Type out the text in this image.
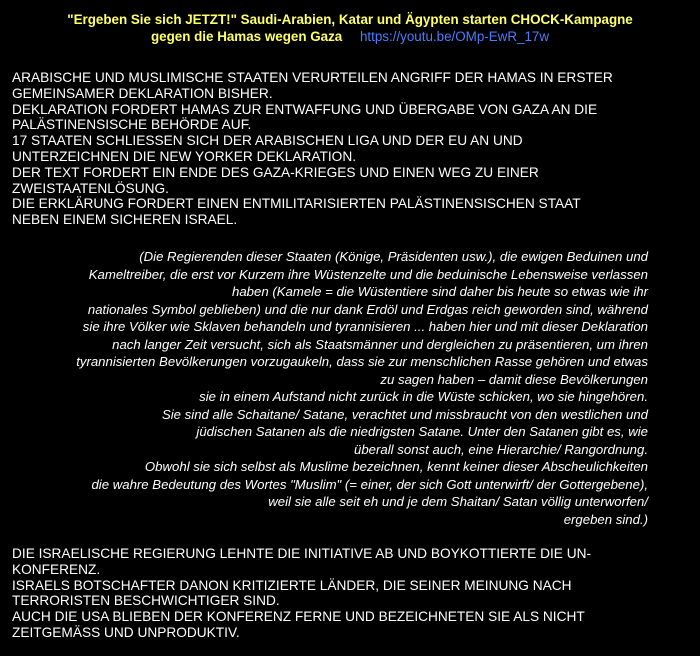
"Ergeben Sie sich JETZT!" Saudi-Arabien, Katar und Ägypten starten CHOCK-Kampagne
gegen die Hamas wegen Gaza https://youtu.be/OMp-EwR_17w
ARABISCHE UND MUSLIMISCHE STAATEN VERURTEILEN ANGRIFF DER HAMAS IN ERSTER
GEMEINSAMER DEKLARATION BISHER.
DEKLARATION FORDERT HAMAS ZUR ENTWAFFUNG UND ÜBERGABE VON GAZA AN DIE
PALÄSTINENSISCHE BEHÖRDE AUF.
17 STAATEN SCHLIESSEN SICH DER ARABISCHEN LIGA UND DER EU AN UND
UNTERZEICHNEN DIE NEW YORKER DEKLARATION.
DER TEXT FORDERT EIN ENDE DES GAZA-KRIEGES UND EINEN WEG ZU EINER
ZWEISTAATENLÖSUNG.
DIE ERKLÄRUNG FORDERT EINEN ENTMILITARISIERTEN PALÄSTINENSISCHEN STAAT
NEBEN EINEM SICHEREN ISRAEL.
(Die Regierenden dieser Staaten (Könige, Präsidenten usw.), die ewigen Beduinen und
Kameltreiber, die erst vor Kurzem ihre Wüstenzelte und die beduinische Lebensweise verlassen
haben (Kamele = die Wüstentiere sind daher bis heute so etwas wie ihr
nationales Symbol geblieben) und die nur dank Erdöl und Erdgas reich geworden sind, während
sie ihre Völker wie Sklaven behandeln und tyrannisieren ... haben hier und mit dieser Deklaration
nach langer Zeit versucht, sich als Staatsmänner und dergleichen zu präsentieren, um ihren
tyrannisierten Bevölkerungen vorzugaukeln, dass sie zur menschlichen Rasse gehören und etwas
zu sagen haben – damit diese Bevölkerungen
sie in einem Aufstand nicht zurück in die Wüste schicken, wo sie hingehören.
Sie sind alle Schaitane/ Satane, verachtet und missbraucht von den westlichen und
jüdischen Satanen als die niedrigsten Satane. Unter den Satanen gibt es, wie
überall sonst auch, eine Hierarchie/ Rangordnung.
Obwohl sie sich selbst als Muslime bezeichnen, kennt keiner dieser Abscheulichkeiten
die wahre Bedeutung des Wortes "Muslim" (= einer, der sich Gott unterwirft/ der Gottergebene),
weil sie alle seit eh und je dem Shaitan/ Satan völlig unterworfen/
ergeben sind.)
DIE ISRAELISCHE REGIERUNG LEHNTE DIE INITIATIVE AB UND BOYKOTTIERTE DIE UN-
KONFERENZ.
ISRAELS BOTSCHAFTER DANON KRITIZIERTE LÄNDER, DIE SEINER MEINUNG NACH
TERRORISTEN BESCHWICHTIGER SIND.
AUCH DIE USA BLIEBEN DER KONFERENZ FERNE UND BEZEICHNETEN SIE ALS NICHT
ZEITGEMÄSS UND UNPRODUKTIV.
